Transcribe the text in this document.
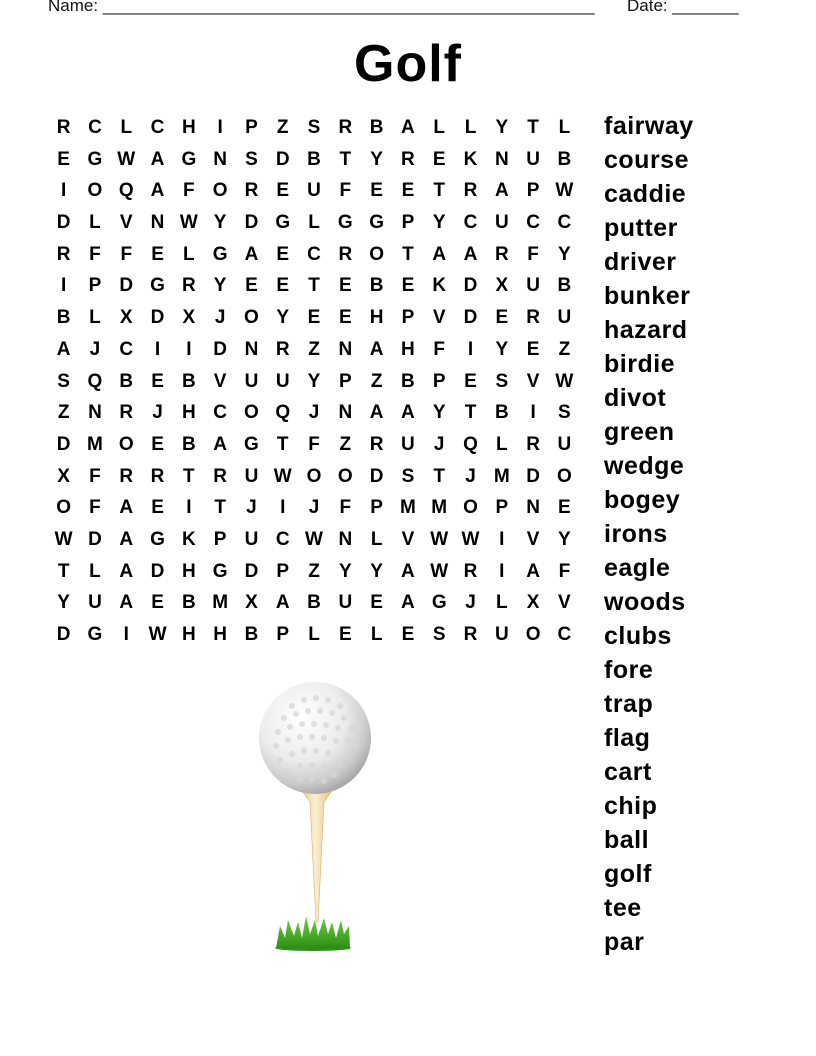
Name: ____________________________________________________ Date: _______
Golf
R C L C H	I	P	Z	S R B A L	L	Y	T	L
E G W A G N S D B T	Y R E K N U B
I	O Q A F O R E U F	E E	T R A P W
D L	V N W Y D G L G G P Y C U C C
R F	F	E	L G A E C R O T A A R F	Y
I	P D G R Y E E	T	E B E K D X U B
B L	X D X	J O Y E E H P V D E R U
A	J	C	I	I	D N R Z N A H F	I	Y E	Z
S Q B E B V U U Y P	Z B P E S V W
Z N R	J	H C O Q J	N A A Y	T B	I	S
D M O E B A G T	F	Z R U	J Q L R U
X	F R R T R U W O O D S	T	J M D O
O F A E	I	T	J	I	J	F	P M M O P N E
W D A G K P U C W N L	V W W	I	V Y
T	L A D H G D P	Z	Y Y A W R	I	A F
Y U A E B M X A B U E A G J	L	X V
D G	I	W H H B P	L	E	L	E S R U O C
fairway
course
caddie
putter
driver
bunker
hazard
birdie
divot
green
wedge
bogey
irons
eagle
woods
clubs
fore
trap
flag
cart
chip
ball
golf
tee
par
